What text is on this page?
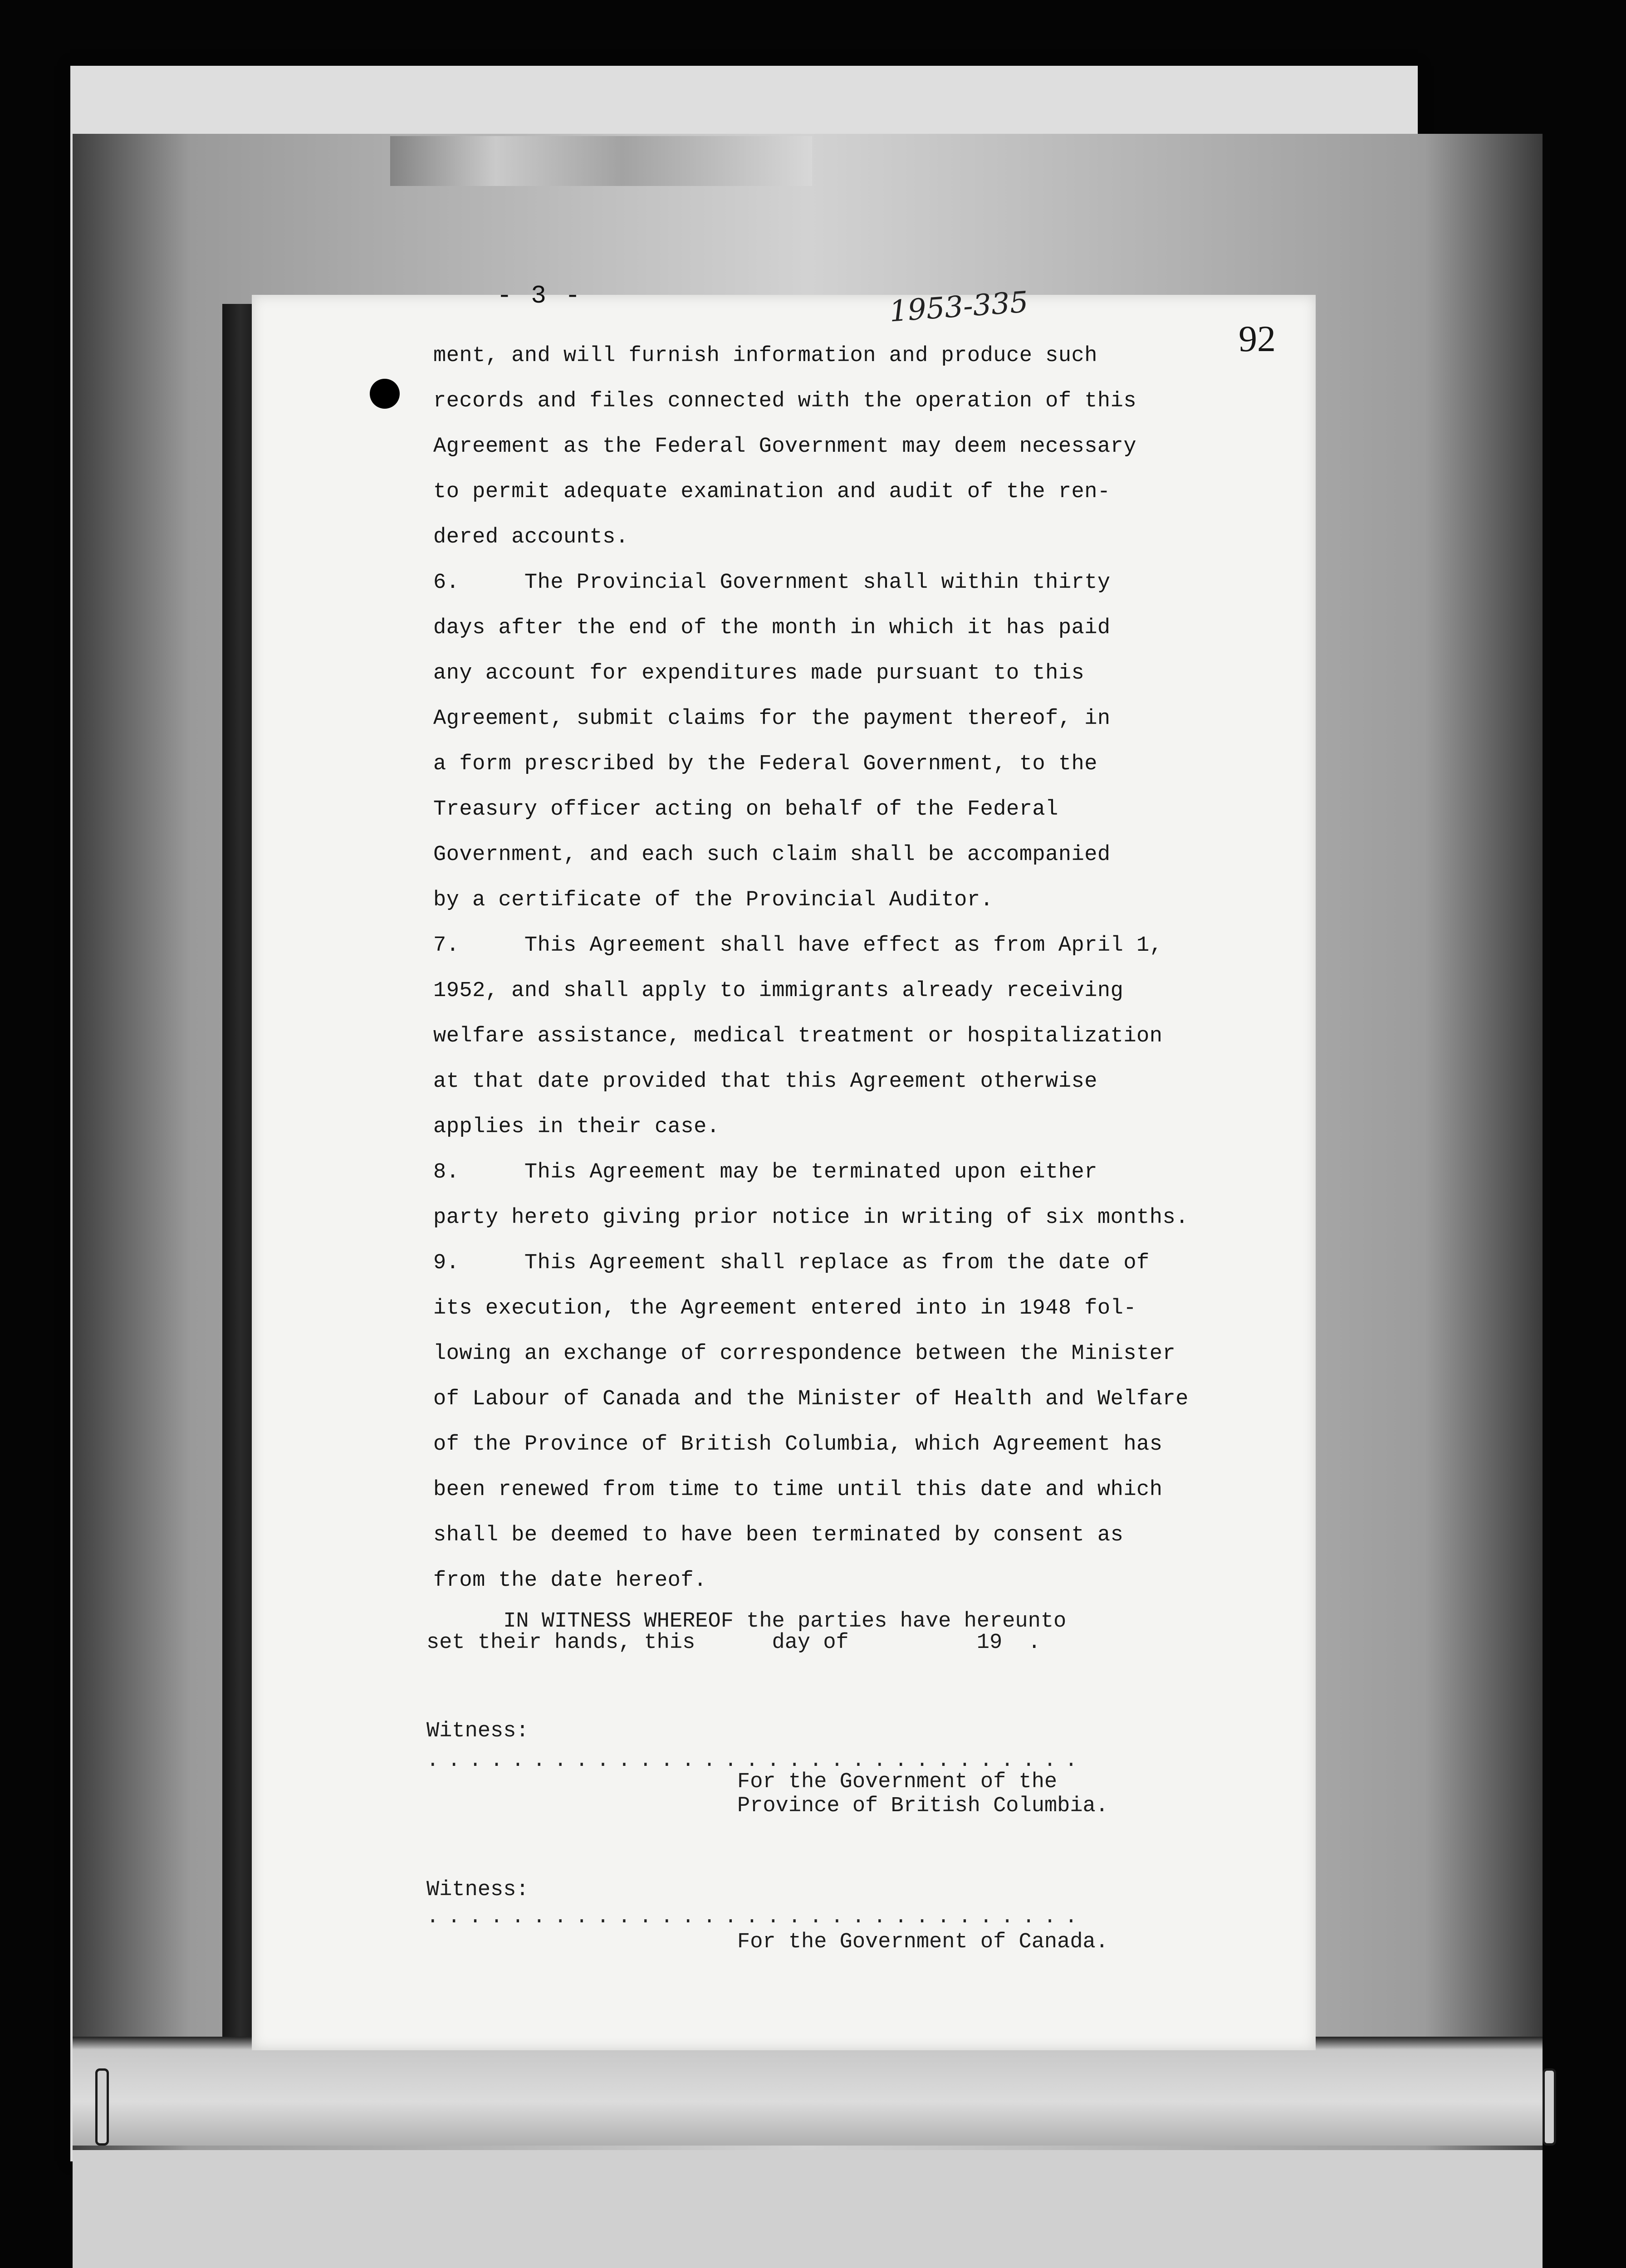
- 3 -	1953-335
92
ment, and will furnish information and produce such
records and files connected with the operation of this
Agreement as the Federal Government may deem necessary
to permit adequate examination and audit of the ren-
dered accounts.
6.     The Provincial Government shall within thirty
days after the end of the month in which it has paid
any account for expenditures made pursuant to this
Agreement, submit claims for the payment thereof, in
a form prescribed by the Federal Government, to the
Treasury officer acting on behalf of the Federal
Government, and each such claim shall be accompanied
by a certificate of the Provincial Auditor.
7.     This Agreement shall have effect as from April 1,
1952, and shall apply to immigrants already receiving
welfare assistance, medical treatment or hospitalization
at that date provided that this Agreement otherwise
applies in their case.
8.     This Agreement may be terminated upon either
party hereto giving prior notice in writing of six months.
9.     This Agreement shall replace as from the date of
its execution, the Agreement entered into in 1948 fol-
lowing an exchange of correspondence between the Minister
of Labour of Canada and the Minister of Health and Welfare
of the Province of British Columbia, which Agreement has
been renewed from time to time until this date and which
shall be deemed to have been terminated by consent as
from the date hereof.
IN WITNESS WHEREOF the parties have hereunto
set their hands, this      day of          19  .
Witness:
...............................
For the Government of the
Province of British Columbia.
Witness:
...............................
For the Government of Canada.
